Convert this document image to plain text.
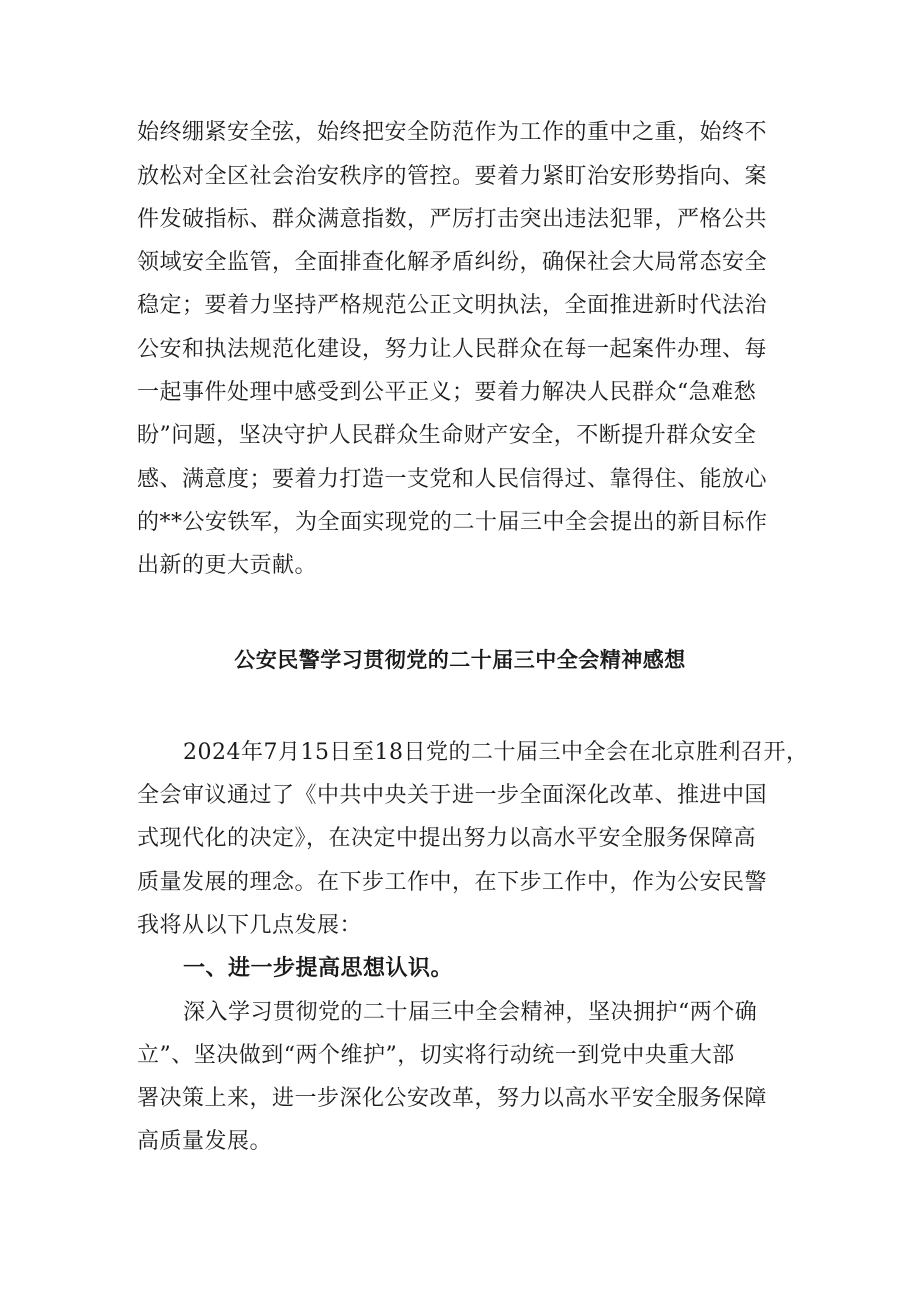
始终绷紧安全弦，始终把安全防范作为工作的重中之重，始终不
放松对全区社会治安秩序的管控。要着力紧盯治安形势指向、案
件发破指标、群众满意指数，严厉打击突出违法犯罪，严格公共
领域安全监管，全面排查化解矛盾纠纷，确保社会大局常态安全
稳定；要着力坚持严格规范公正文明执法，全面推进新时代法治
公安和执法规范化建设，努力让人民群众在每一起案件办理、每
一起事件处理中感受到公平正义；要着力解决人民群众“急难愁
盼”问题，坚决守护人民群众生命财产安全，不断提升群众安全
感、满意度；要着力打造一支党和人民信得过、靠得住、能放心
的**公安铁军，为全面实现党的二十届三中全会提出的新目标作
出新的更大贡献。
公安民警学习贯彻党的二十届三中全会精神感想
2024年7月15日至18日党的二十届三中全会在北京胜利召开，
全会审议通过了《中共中央关于进一步全面深化改革、推进中国
式现代化的决定》，在决定中提出努力以高水平安全服务保障高
质量发展的理念。在下步工作中，在下步工作中，作为公安民警
我将从以下几点发展：
一、进一步提高思想认识。
深入学习贯彻党的二十届三中全会精神，坚决拥护“两个确
立”、坚决做到“两个维护”，切实将行动统一到党中央重大部
署决策上来，进一步深化公安改革，努力以高水平安全服务保障
高质量发展。
